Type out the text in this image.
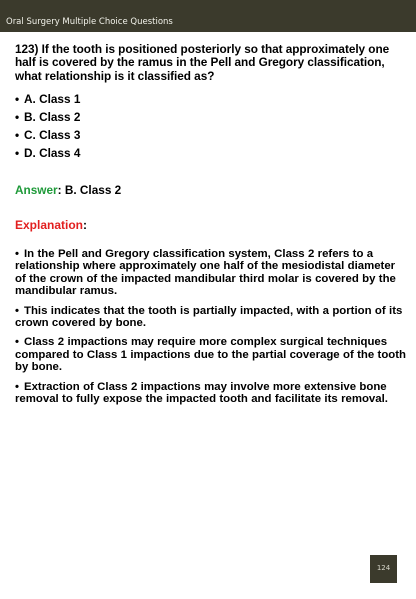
Oral Surgery Multiple Choice Questions

123) If the tooth is positioned posteriorly so that approximately one half is covered by the ramus in the Pell and Gregory classification, what relationship is it classified as?

• A. Class 1
• B. Class 2
• C. Class 3
• D. Class 4
Answer: B. Class 2
Explanation:
• In the Pell and Gregory classification system, Class 2 refers to a relationship where approximately one half of the mesiodistal diameter of the crown of the impacted mandibular third molar is covered by the mandibular ramus.
• This indicates that the tooth is partially impacted, with a portion of its crown covered by bone.
• Class 2 impactions may require more complex surgical techniques compared to Class 1 impactions due to the partial coverage of the tooth by bone.
• Extraction of Class 2 impactions may involve more extensive bone removal to fully expose the impacted tooth and facilitate its removal.
124
